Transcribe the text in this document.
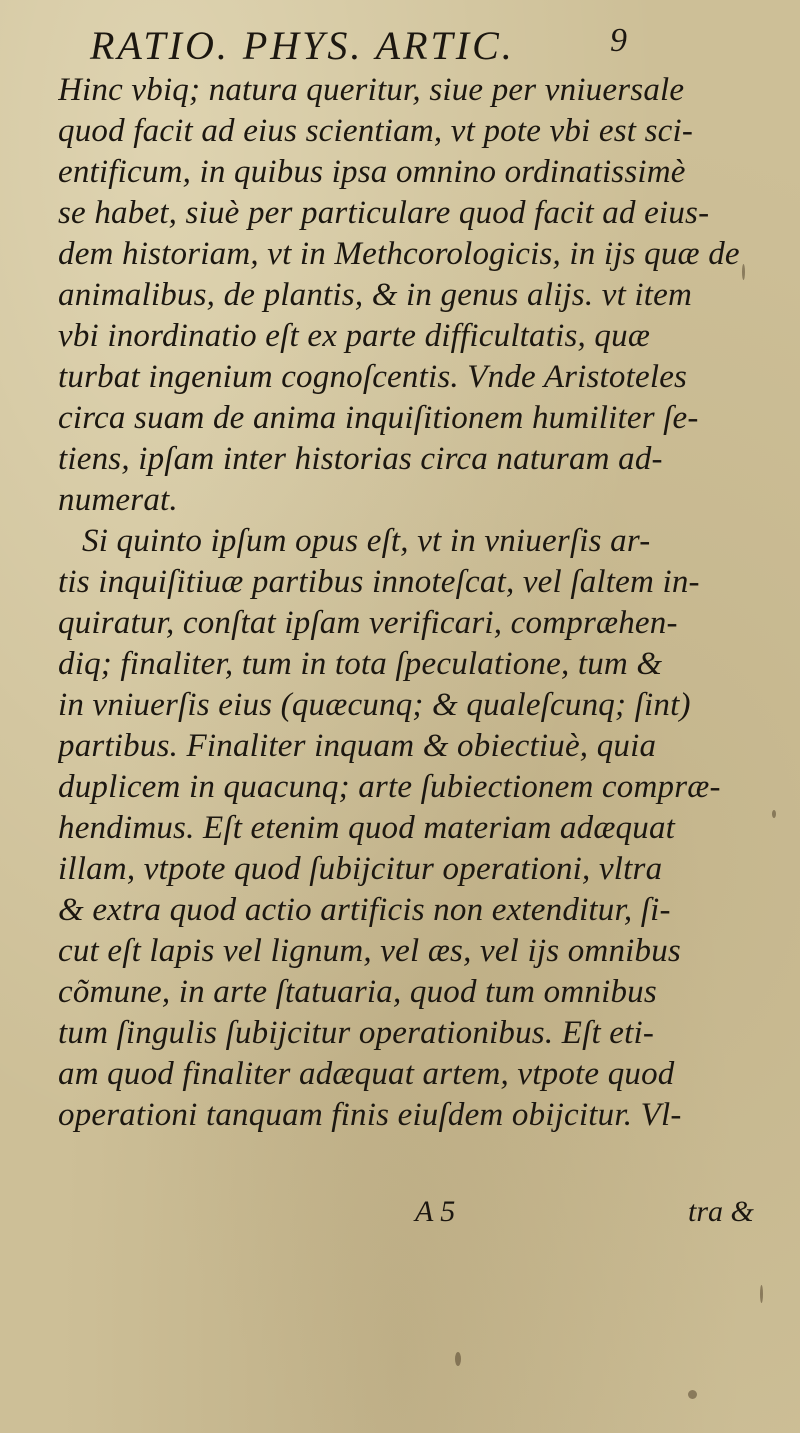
RATIO. PHYS. ARTIC.	9
Hinc vbiq; natura queritur, siue per vniuersale
quod facit ad eius scientiam, vt pote vbi est sci-
entificum, in quibus ipsa omnino ordinatissimè
se habet, siuè per particulare quod facit ad eius-
dem historiam, vt in Methcorologicis, in ijs quæ de
animalibus, de plantis, & in genus alijs. vt item
vbi inordinatio eſt ex parte difficultatis, quæ
turbat ingenium cognoſcentis. Vnde Aristoteles
circa suam de anima inquiſitionem humiliter ſe-
tiens, ipſam inter historias circa naturam ad-
numerat.
Si quinto ipſum opus eſt, vt in vniuerſis ar-
tis inquiſitiuæ partibus innoteſcat, vel ſaltem in-
quiratur, conſtat ipſam verificari, compræhen-
diq; finaliter, tum in tota ſpeculatione, tum &
in vniuerſis eius (quæcunq; & qualeſcunq; ſint)
partibus. Finaliter inquam & obiectiuè, quia
duplicem in quacunq; arte ſubiectionem compræ-
hendimus. Eſt etenim quod materiam adæquat
illam, vtpote quod ſubijcitur operationi, vltra
& extra quod actio artificis non extenditur, ſi-
cut eſt lapis vel lignum, vel æs, vel ijs omnibus
cõmune, in arte ſtatuaria, quod tum omnibus
tum ſingulis ſubijcitur operationibus. Eſt eti-
am quod finaliter adæquat artem, vtpote quod
operationi tanquam finis eiuſdem obijcitur. Vl-
A 5	tra &
